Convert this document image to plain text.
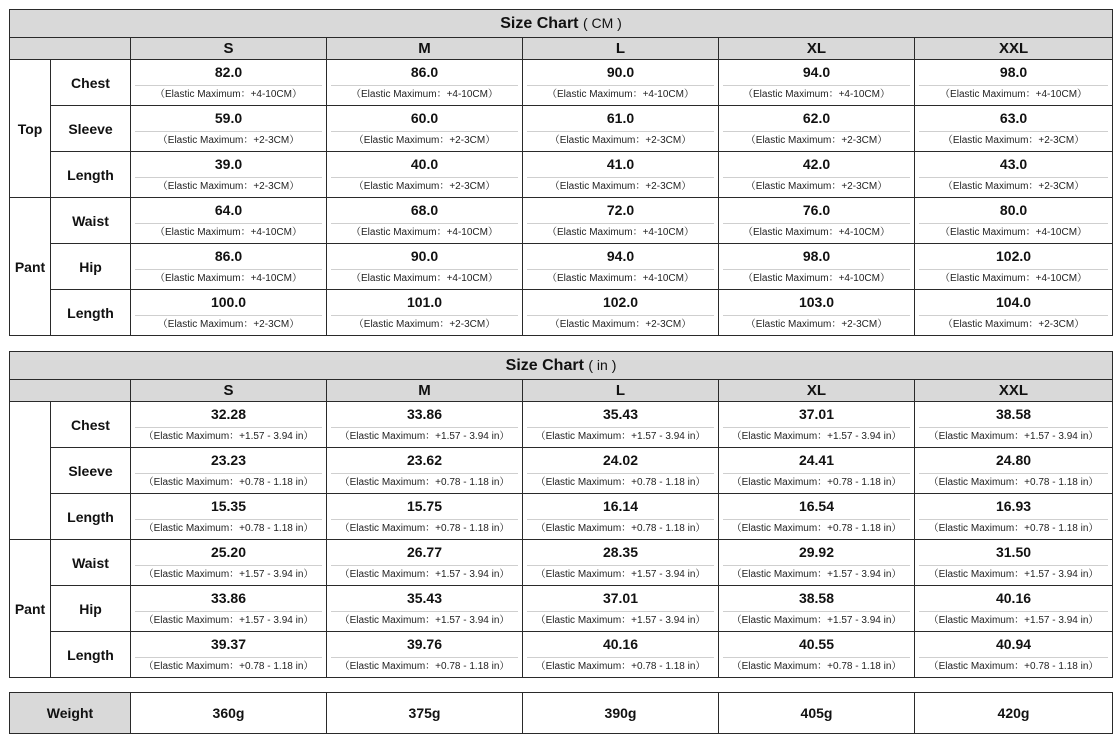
Size Chart ( CM )						
		S	M	L	XL	XXL
Top	Chest	82.0	86.0	90.0	94.0	98.0
		（Elastic Maximum：+4-10CM）	（Elastic Maximum：+4-10CM）	（Elastic Maximum：+4-10CM）	（Elastic Maximum：+4-10CM）	（Elastic Maximum：+4-10CM）
	Sleeve	59.0	60.0	61.0	62.0	63.0
		（Elastic Maximum：+2-3CM）	（Elastic Maximum：+2-3CM）	（Elastic Maximum：+2-3CM）	（Elastic Maximum：+2-3CM）	（Elastic Maximum：+2-3CM）
	Length	39.0	40.0	41.0	42.0	43.0
		（Elastic Maximum：+2-3CM）	（Elastic Maximum：+2-3CM）	（Elastic Maximum：+2-3CM）	（Elastic Maximum：+2-3CM）	（Elastic Maximum：+2-3CM）
Pant	Waist	64.0	68.0	72.0	76.0	80.0
		（Elastic Maximum：+4-10CM）	（Elastic Maximum：+4-10CM）	（Elastic Maximum：+4-10CM）	（Elastic Maximum：+4-10CM）	（Elastic Maximum：+4-10CM）
	Hip	86.0	90.0	94.0	98.0	102.0
		（Elastic Maximum：+4-10CM）	（Elastic Maximum：+4-10CM）	（Elastic Maximum：+4-10CM）	（Elastic Maximum：+4-10CM）	（Elastic Maximum：+4-10CM）
	Length	100.0	101.0	102.0	103.0	104.0
		（Elastic Maximum：+2-3CM）	（Elastic Maximum：+2-3CM）	（Elastic Maximum：+2-3CM）	（Elastic Maximum：+2-3CM）	（Elastic Maximum：+2-3CM）
Size Chart ( in )						
		S	M	L	XL	XXL
	Chest	32.28	33.86	35.43	37.01	38.58
		（Elastic Maximum：+1.57 - 3.94 in）	（Elastic Maximum：+1.57 - 3.94 in）	（Elastic Maximum：+1.57 - 3.94 in）	（Elastic Maximum：+1.57 - 3.94 in）	（Elastic Maximum：+1.57 - 3.94 in）
	Sleeve	23.23	23.62	24.02	24.41	24.80
		（Elastic Maximum：+0.78 - 1.18 in）	（Elastic Maximum：+0.78 - 1.18 in）	（Elastic Maximum：+0.78 - 1.18 in）	（Elastic Maximum：+0.78 - 1.18 in）	（Elastic Maximum：+0.78 - 1.18 in）
	Length	15.35	15.75	16.14	16.54	16.93
		（Elastic Maximum：+0.78 - 1.18 in）	（Elastic Maximum：+0.78 - 1.18 in）	（Elastic Maximum：+0.78 - 1.18 in）	（Elastic Maximum：+0.78 - 1.18 in）	（Elastic Maximum：+0.78 - 1.18 in）
Pant	Waist	25.20	26.77	28.35	29.92	31.50
		（Elastic Maximum：+1.57 - 3.94 in）	（Elastic Maximum：+1.57 - 3.94 in）	（Elastic Maximum：+1.57 - 3.94 in）	（Elastic Maximum：+1.57 - 3.94 in）	（Elastic Maximum：+1.57 - 3.94 in）
	Hip	33.86	35.43	37.01	38.58	40.16
		（Elastic Maximum：+1.57 - 3.94 in）	（Elastic Maximum：+1.57 - 3.94 in）	（Elastic Maximum：+1.57 - 3.94 in）	（Elastic Maximum：+1.57 - 3.94 in）	（Elastic Maximum：+1.57 - 3.94 in）
	Length	39.37	39.76	40.16	40.55	40.94
		（Elastic Maximum：+0.78 - 1.18 in）	（Elastic Maximum：+0.78 - 1.18 in）	（Elastic Maximum：+0.78 - 1.18 in）	（Elastic Maximum：+0.78 - 1.18 in）	（Elastic Maximum：+0.78 - 1.18 in）
Weight	360g	375g	390g	405g	420g
